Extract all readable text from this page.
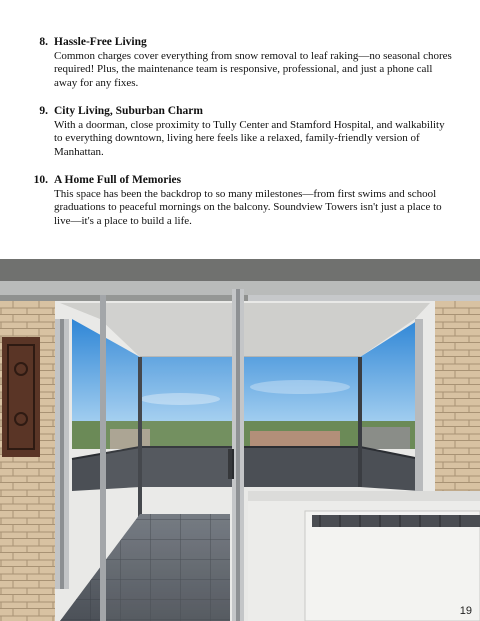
8. Hassle-Free Living
Common charges cover everything from snow removal to leaf raking—no seasonal chores required! Plus, the maintenance team is responsive, professional, and just a phone call away for any fixes.
9. City Living, Suburban Charm
With a doorman, close proximity to Tully Center and Stamford Hospital, and walkability to everything downtown, living here feels like a relaxed, family-friendly version of Manhattan.
10. A Home Full of Memories
This space has been the backdrop to so many milestones—from first swims and school graduations to peaceful mornings on the balcony. Soundview Towers isn't just a place to live—it's a place to build a life.
19
